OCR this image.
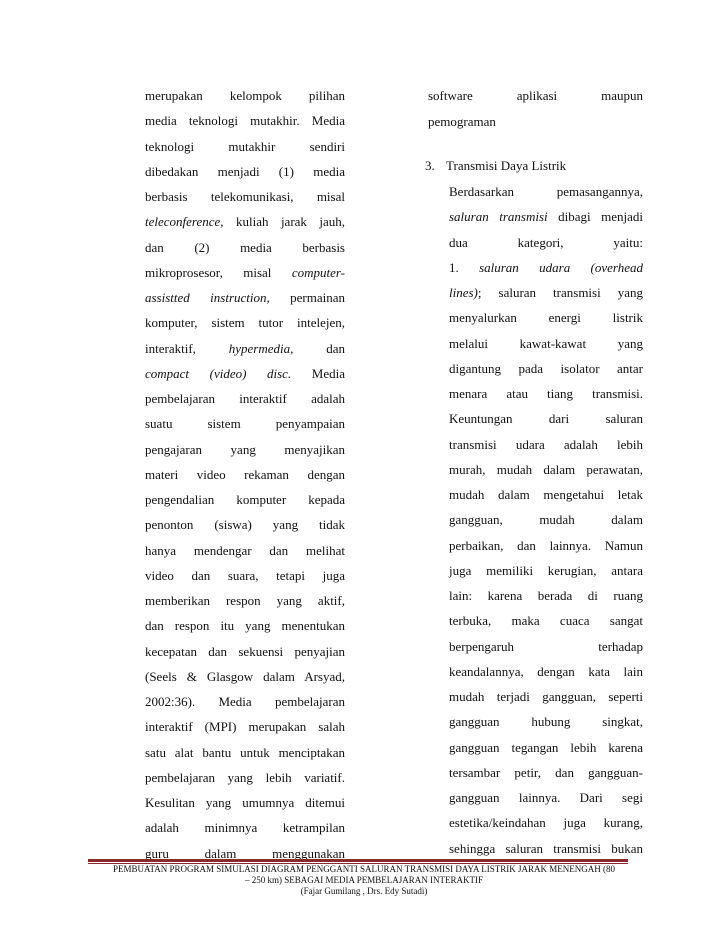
merupakan kelompok pilihan
media teknologi mutakhir. Media
teknologi mutakhir sendiri
dibedakan menjadi (1) media
berbasis telekomunikasi, misal
teleconference, kuliah jarak jauh,
dan (2) media berbasis
mikroprosesor, misal computer-
assistted instruction, permainan
komputer, sistem tutor intelejen,
interaktif, hypermedia, dan
compact (video) disc. Media
pembelajaran interaktif adalah
suatu sistem penyampaian
pengajaran yang menyajikan
materi video rekaman dengan
pengendalian komputer kepada
penonton (siswa) yang tidak
hanya mendengar dan melihat
video dan suara, tetapi juga
memberikan respon yang aktif,
dan respon itu yang menentukan
kecepatan dan sekuensi penyajian
(Seels & Glasgow dalam Arsyad,
2002:36). Media pembelajaran
interaktif (MPI) merupakan salah
satu alat bantu untuk menciptakan
pembelajaran yang lebih variatif.
Kesulitan yang umumnya ditemui
adalah minimnya ketrampilan
guru dalam menggunakan
software aplikasi maupun
pemograman
3. Transmisi Daya Listrik
Berdasarkan pemasangannya,
saluran transmisi dibagi menjadi
dua kategori, yaitu:
1. saluran udara (overhead
lines); saluran transmisi yang
menyalurkan energi listrik
melalui kawat-kawat yang
digantung pada isolator antar
menara atau tiang transmisi.
Keuntungan dari saluran
transmisi udara adalah lebih
murah, mudah dalam perawatan,
mudah dalam mengetahui letak
gangguan, mudah dalam
perbaikan, dan lainnya. Namun
juga memiliki kerugian, antara
lain: karena berada di ruang
terbuka, maka cuaca sangat
berpengaruh terhadap
keandalannya, dengan kata lain
mudah terjadi gangguan, seperti
gangguan hubung singkat,
gangguan tegangan lebih karena
tersambar petir, dan gangguan-
gangguan lainnya. Dari segi
estetika/keindahan juga kurang,
sehingga saluran transmisi bukan
PEMBUATAN PROGRAM SIMULASI DIAGRAM PENGGANTI SALURAN TRANSMISI DAYA LISTRIK JARAK MENENGAH (80
– 250 km) SEBAGAI MEDIA PEMBELAJARAN INTERAKTIF
(Fajar Gumilang , Drs. Edy Sutadi)
